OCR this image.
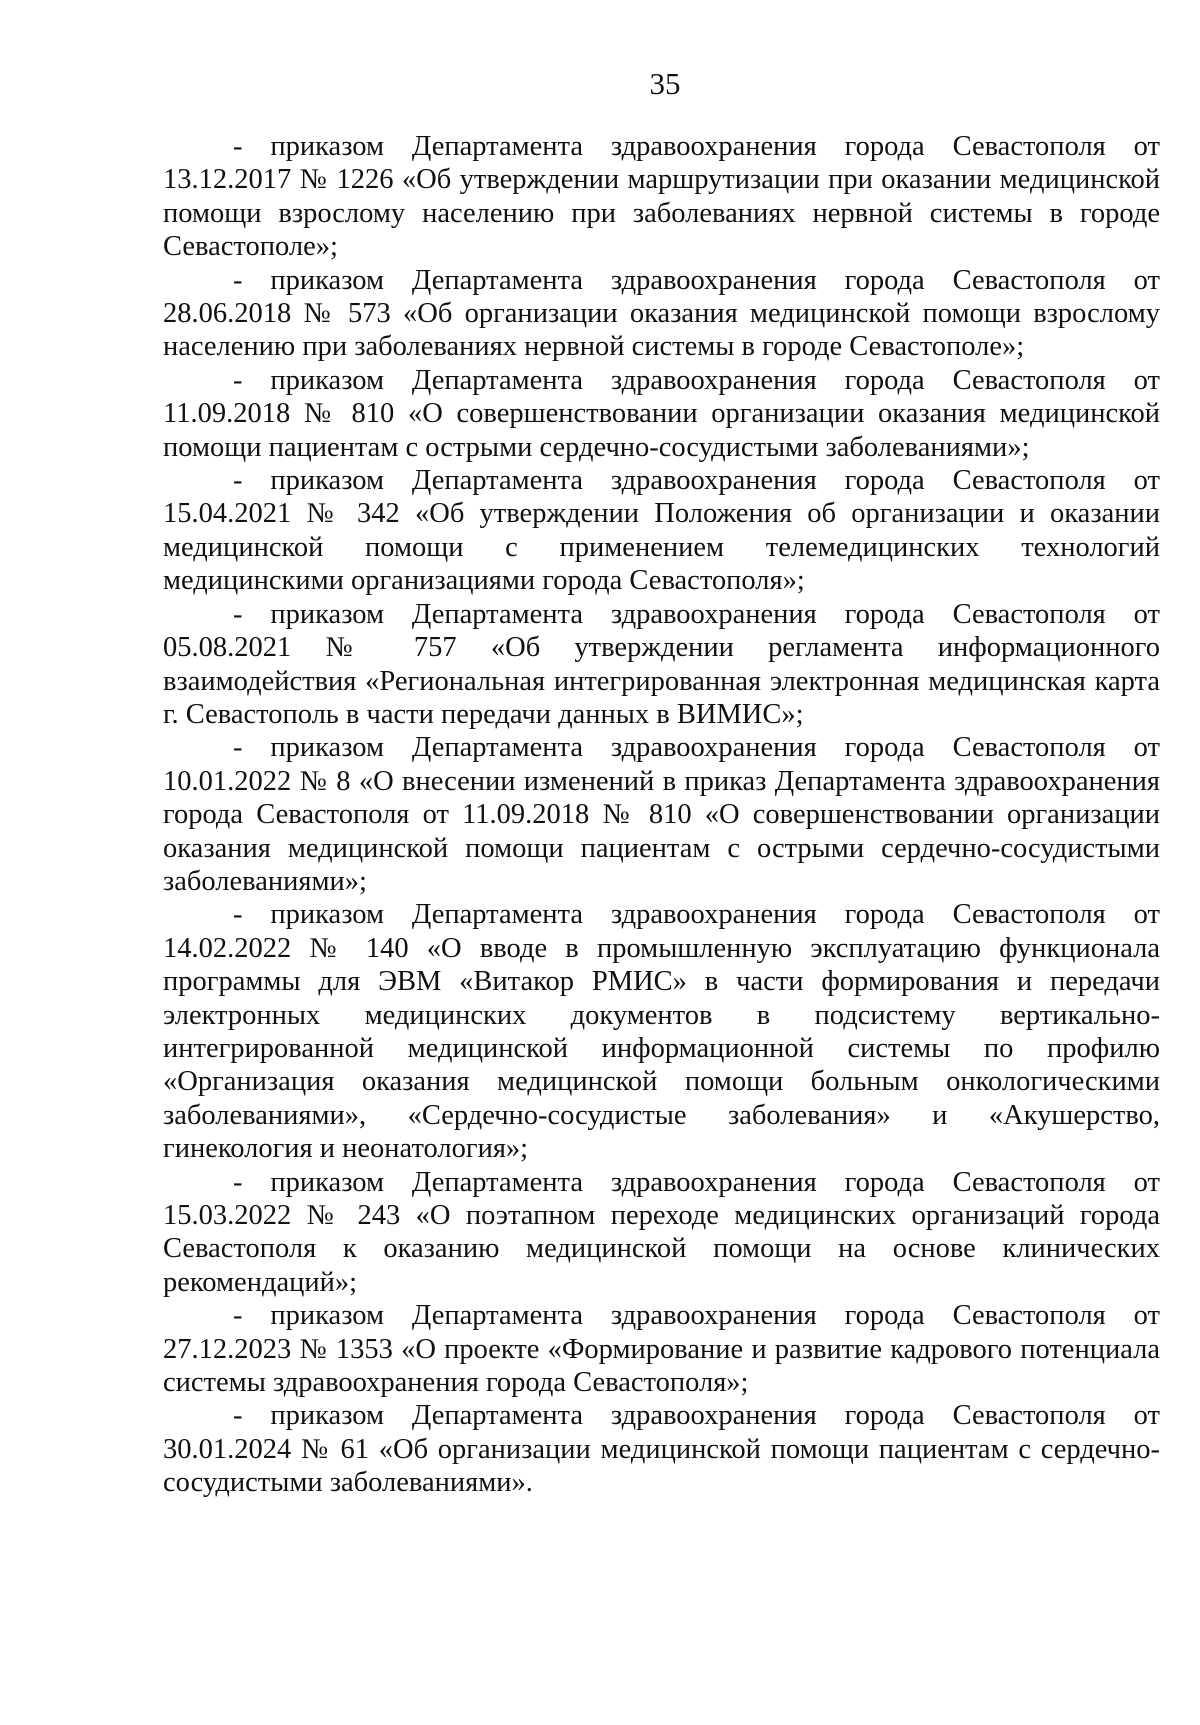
35

- приказом Департамента здравоохранения города Севастополя от 13.12.2017 № 1226 «Об утверждении маршрутизации при оказании медицинской помощи взрослому населению при заболеваниях нервной системы в городе Севастополе»;

- приказом Департамента здравоохранения города Севастополя от 28.06.2018 № 573 «Об организации оказания медицинской помощи взрослому населению при заболеваниях нервной системы в городе Севастополе»;

- приказом Департамента здравоохранения города Севастополя от 11.09.2018 № 810 «О совершенствовании организации оказания медицинской помощи пациентам с острыми сердечно-сосудистыми заболеваниями»;

- приказом Департамента здравоохранения города Севастополя от 15.04.2021 № 342 «Об утверждении Положения об организации и оказании медицинской помощи с применением телемедицинских технологий медицинскими организациями города Севастополя»;

- приказом Департамента здравоохранения города Севастополя от 05.08.2021 № 757 «Об утверждении регламента информационного взаимодействия «Региональная интегрированная электронная медицинская карта г. Севастополь в части передачи данных в ВИМИС»;

- приказом Департамента здравоохранения города Севастополя от 10.01.2022 № 8 «О внесении изменений в приказ Департамента здравоохранения города Севастополя от 11.09.2018 № 810 «О совершенствовании организации оказания медицинской помощи пациентам с острыми сердечно-сосудистыми заболеваниями»;

- приказом Департамента здравоохранения города Севастополя от 14.02.2022 № 140 «О вводе в промышленную эксплуатацию функционала программы для ЭВМ «Витакор РМИС» в части формирования и передачи электронных медицинских документов в подсистему вертикально-интегрированной медицинской информационной системы по профилю «Организация оказания медицинской помощи больным онкологическими заболеваниями», «Сердечно-сосудистые заболевания» и «Акушерство, гинекология и неонатология»;

- приказом Департамента здравоохранения города Севастополя от 15.03.2022 № 243 «О поэтапном переходе медицинских организаций города Севастополя к оказанию медицинской помощи на основе клинических рекомендаций»;

- приказом Департамента здравоохранения города Севастополя от 27.12.2023 № 1353 «О проекте «Формирование и развитие кадрового потенциала системы здравоохранения города Севастополя»;

- приказом Департамента здравоохранения города Севастополя от 30.01.2024 № 61 «Об организации медицинской помощи пациентам с сердечно-сосудистыми заболеваниями».
